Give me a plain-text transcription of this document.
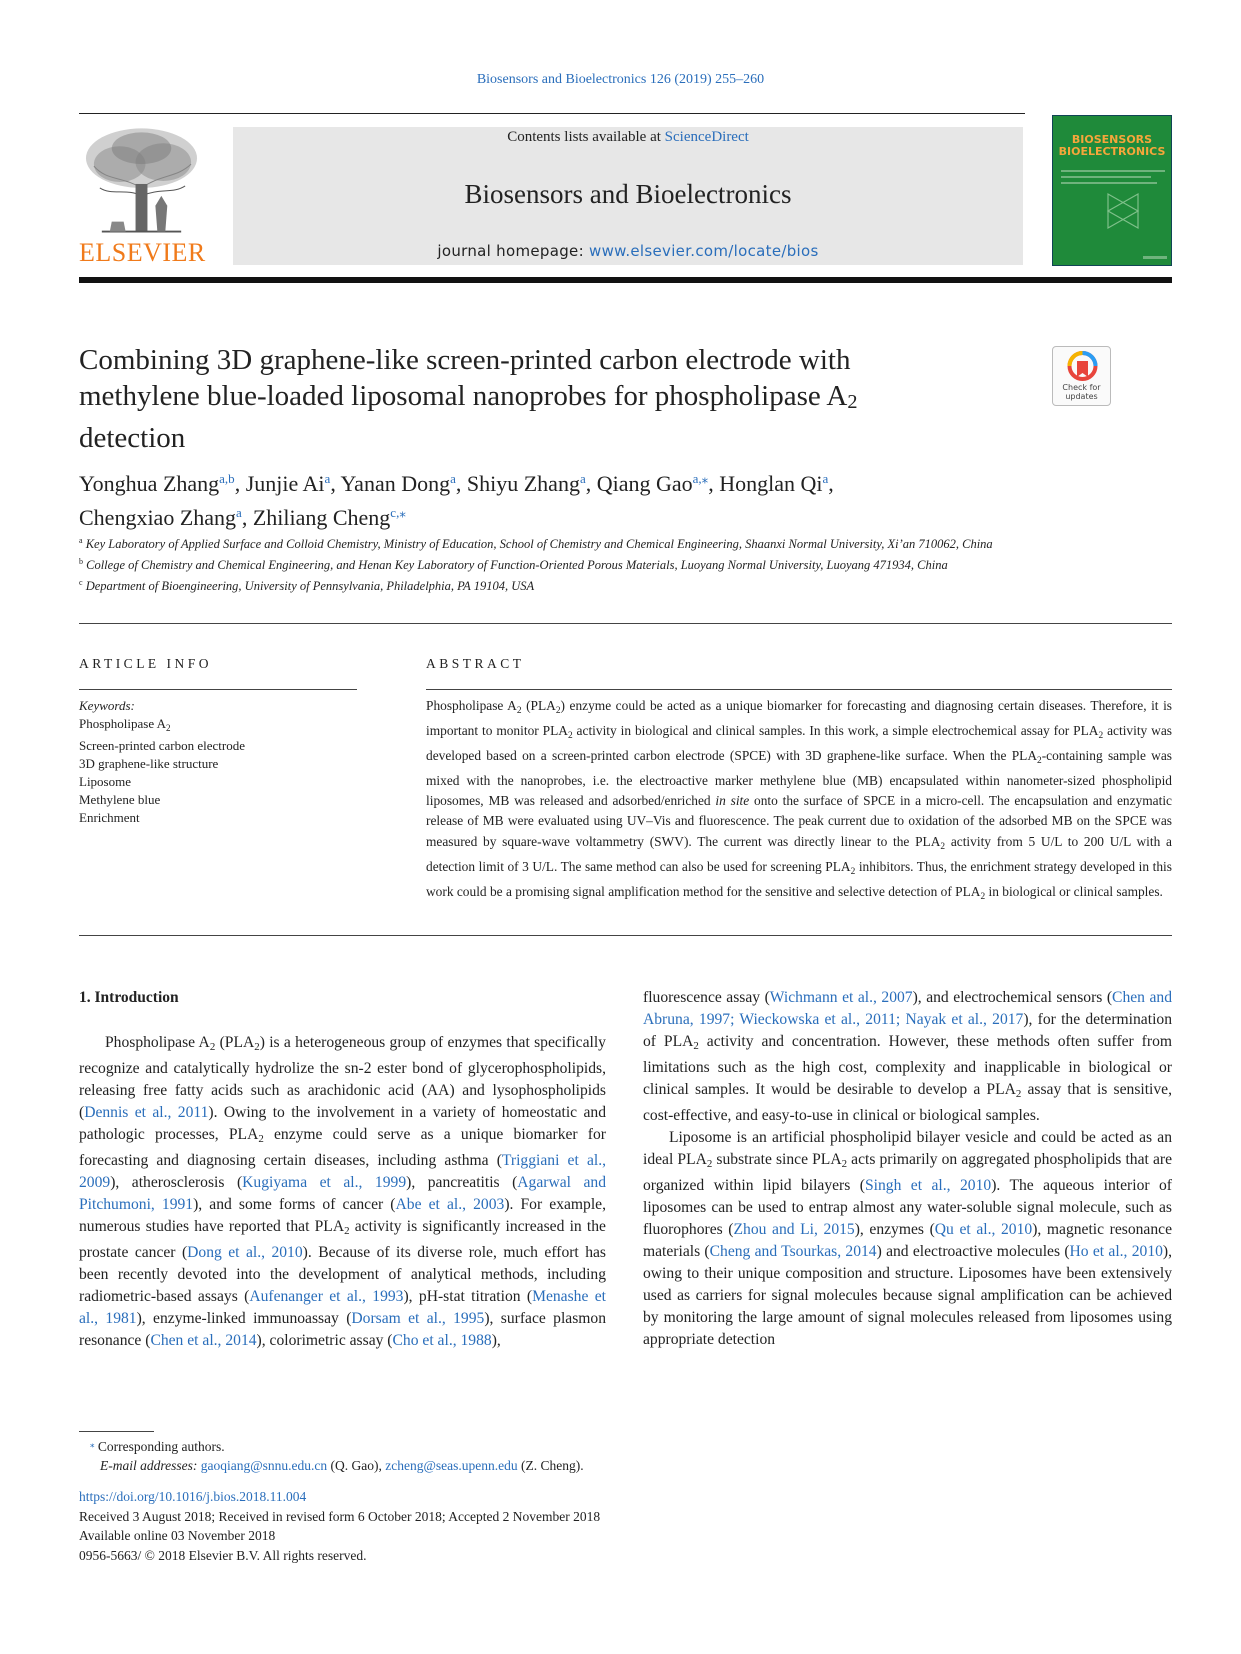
Biosensors and Bioelectronics 126 (2019) 255–260
ELSEVIER
Contents lists available at ScienceDirect
Biosensors and Bioelectronics
journal homepage: www.elsevier.com/locate/bios
BIOSENSORS
BIOELECTRONICS
Combining 3D graphene-like screen-printed carbon electrode with
methylene blue-loaded liposomal nanoprobes for phospholipase $A_2$
detection
Check for
updates
Yonghua Zhang$^{a,b}$, Junjie Ai$^a$, Yanan Dong$^a$, Shiyu Zhang$^a$, Qiang Gao$^{a,⁎}$, Honglan Qi$^a$,
Chengxiao Zhang$^a$, Zhiliang Cheng$^{c,⁎}$
$^a$ Key Laboratory of Applied Surface and Colloid Chemistry, Ministry of Education, School of Chemistry and Chemical Engineering, Shaanxi Normal University, Xi’an 710062, China
$^b$ College of Chemistry and Chemical Engineering, and Henan Key Laboratory of Function-Oriented Porous Materials, Luoyang Normal University, Luoyang 471934, China
$^c$ Department of Bioengineering, University of Pennsylvania, Philadelphia, PA 19104, USA
ARTICLE INFO	ABSTRACT
Keywords:
Phospholipase $A_2$
Screen-printed carbon electrode
3D graphene-like structure
Liposome
Methylene blue
Enrichment
Phospholipase $A_2$ $(PLA_2)$ enzyme could be acted as a unique biomarker for forecasting and diagnosing certain diseases. Therefore, it is important to monitor $PLA_2$ activity in biological and clinical samples. In this work, a simple electrochemical assay for $PLA_2$ activity was developed based on a screen-printed carbon electrode (SPCE) with 3D graphene-like surface. When the $PLA_2$-containing sample was mixed with the nanoprobes, i.e. the electroactive marker methylene blue (MB) encapsulated within nanometer-sized phospholipid liposomes, MB was released and adsorbed/enriched in site onto the surface of SPCE in a micro-cell. The encapsulation and enzymatic release of MB were evaluated using UV–Vis and fluorescence. The peak current due to oxidation of the adsorbed MB on the SPCE was measured by square-wave voltammetry (SWV). The current was directly linear to the $PLA_2$ activity from 5 U/L to 200 U/L with a detection limit of 3 U/L. The same method can also be used for screening $PLA_2$ inhibitors. Thus, the enrichment strategy developed in this work could be a promising signal amplification method for the sensitive and selective detection of $PLA_2$ in biological or clinical samples.
1. Introduction
Phospholipase $A_2$ $(PLA_2)$ is a heterogeneous group of enzymes that specifically recognize and catalytically hydrolize the sn-2 ester bond of glycerophospholipids, releasing free fatty acids such as arachidonic acid (AA) and lysophospholipids (Dennis et al., 2011). Owing to the involvement in a variety of homeostatic and pathologic processes, $PLA_2$ enzyme could serve as a unique biomarker for forecasting and diagnosing certain diseases, including asthma (Triggiani et al., 2009), atherosclerosis (Kugiyama et al., 1999), pancreatitis (Agarwal and Pitchumoni, 1991), and some forms of cancer (Abe et al., 2003). For example, numerous studies have reported that $PLA_2$ activity is significantly increased in the prostate cancer (Dong et al., 2010). Because of its diverse role, much effort has been recently devoted into the development of analytical methods, including radiometric-based assays (Aufenanger et al., 1993), pH-stat titration (Menashe et al., 1981), enzyme-linked immunoassay (Dorsam et al., 1995), surface plasmon resonance (Chen et al., 2014), colorimetric assay (Cho et al., 1988),

fluorescence assay (Wichmann et al., 2007), and electrochemical sensors (Chen and Abruna, 1997; Wieckowska et al., 2011; Nayak et al., 2017), for the determination of $PLA_2$ activity and concentration. However, these methods often suffer from limitations such as the high cost, complexity and inapplicable in biological or clinical samples. It would be desirable to develop a $PLA_2$ assay that is sensitive, cost-effective, and easy-to-use in clinical or biological samples.

Liposome is an artificial phospholipid bilayer vesicle and could be acted as an ideal $PLA_2$ substrate since $PLA_2$ acts primarily on aggregated phospholipids that are organized within lipid bilayers (Singh et al., 2010). The aqueous interior of liposomes can be used to entrap almost any water-soluble signal molecule, such as fluorophores (Zhou and Li, 2015), enzymes (Qu et al., 2010), magnetic resonance materials (Cheng and Tsourkas, 2014) and electroactive molecules (Ho et al., 2010), owing to their unique composition and structure. Liposomes have been extensively used as carriers for signal molecules because signal amplification can be achieved by monitoring the large amount of signal molecules released from liposomes using appropriate detection

⁎ Corresponding authors.
E-mail addresses: gaoqiang@snnu.edu.cn (Q. Gao), zcheng@seas.upenn.edu (Z. Cheng).
https://doi.org/10.1016/j.bios.2018.11.004
Received 3 August 2018; Received in revised form 6 October 2018; Accepted 2 November 2018
Available online 03 November 2018
0956-5663/ © 2018 Elsevier B.V. All rights reserved.
